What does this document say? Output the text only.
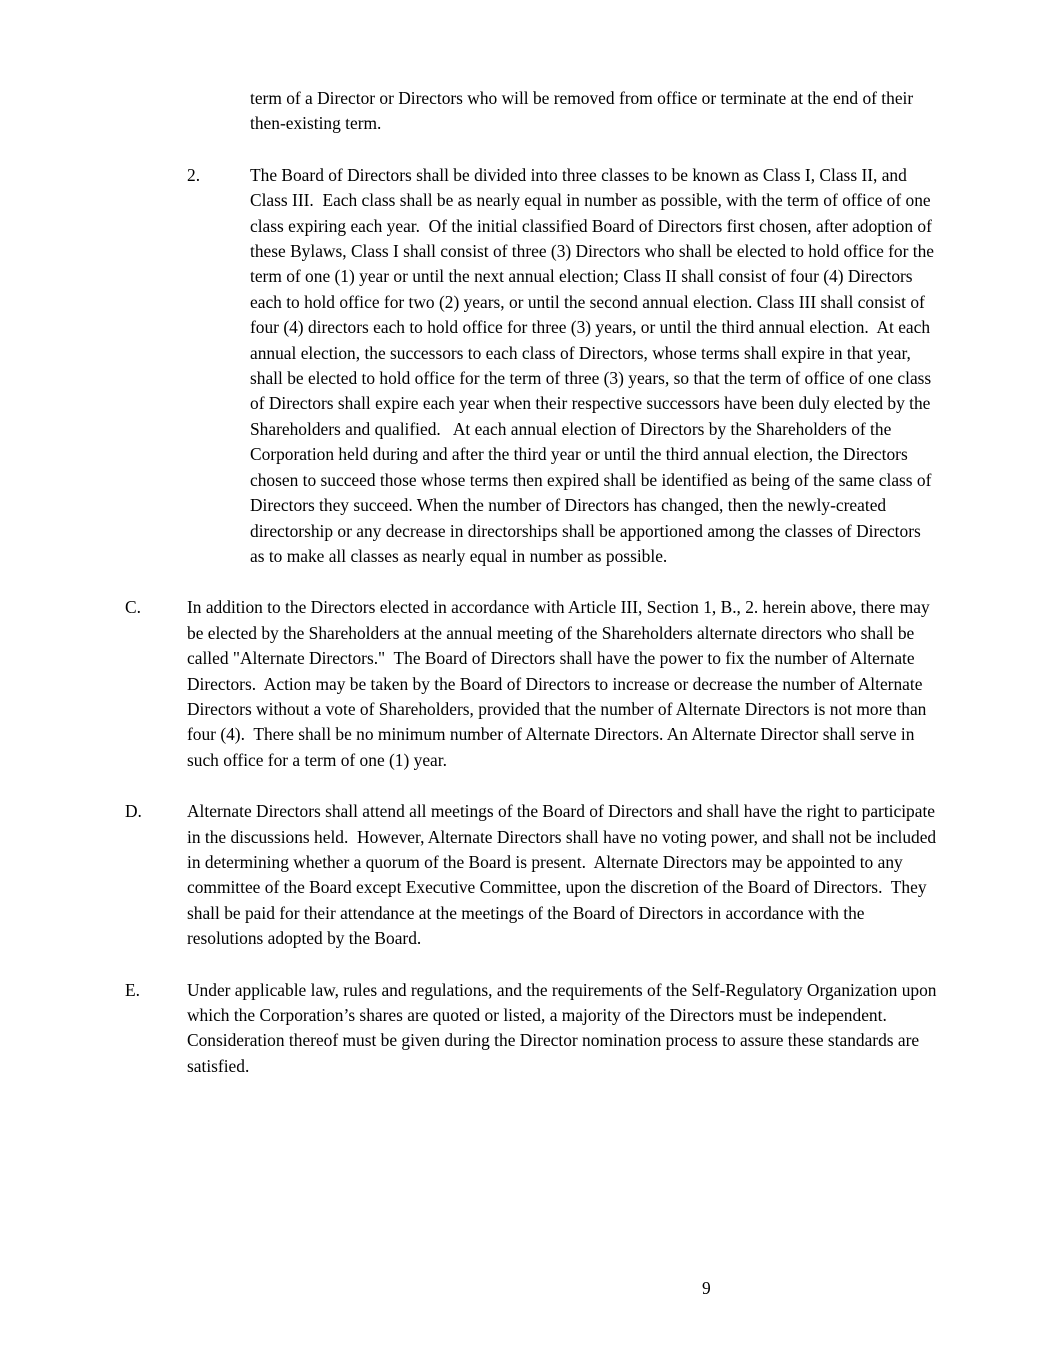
term of a Director or Directors who will be removed from office or terminate at the end of their then-existing term.
2.	The Board of Directors shall be divided into three classes to be known as Class I, Class II, and Class III.  Each class shall be as nearly equal in number as possible, with the term of office of one class expiring each year.  Of the initial classified Board of Directors first chosen, after adoption of these Bylaws, Class I shall consist of three (3) Directors who shall be elected to hold office for the term of one (1) year or until the next annual election; Class II shall consist of four (4) Directors each to hold office for two (2) years, or until the second annual election. Class III shall consist of four (4) directors each to hold office for three (3) years, or until the third annual election.  At each annual election, the successors to each class of Directors, whose terms shall expire in that year, shall be elected to hold office for the term of three (3) years, so that the term of office of one class of Directors shall expire each year when their respective successors have been duly elected by the Shareholders and qualified.   At each annual election of Directors by the Shareholders of the Corporation held during and after the third year or until the third annual election, the Directors chosen to succeed those whose terms then expired shall be identified as being of the same class of Directors they succeed. When the number of Directors has changed, then the newly-created directorship or any decrease in directorships shall be apportioned among the classes of Directors as to make all classes as nearly equal in number as possible.
C.	In addition to the Directors elected in accordance with Article III, Section 1, B., 2. herein above, there may be elected by the Shareholders at the annual meeting of the Shareholders alternate directors who shall be called "Alternate Directors."  The Board of Directors shall have the power to fix the number of Alternate Directors.  Action may be taken by the Board of Directors to increase or decrease the number of Alternate Directors without a vote of Shareholders, provided that the number of Alternate Directors is not more than four (4).  There shall be no minimum number of Alternate Directors. An Alternate Director shall serve in such office for a term of one (1) year.
D.	Alternate Directors shall attend all meetings of the Board of Directors and shall have the right to participate in the discussions held.  However, Alternate Directors shall have no voting power, and shall not be included in determining whether a quorum of the Board is present.  Alternate Directors may be appointed to any committee of the Board except Executive Committee, upon the discretion of the Board of Directors.  They shall be paid for their attendance at the meetings of the Board of Directors in accordance with the resolutions adopted by the Board.
E.	Under applicable law, rules and regulations, and the requirements of the Self-Regulatory Organization upon which the Corporation’s shares are quoted or listed, a majority of the Directors must be independent.  Consideration thereof must be given during the Director nomination process to assure these standards are satisfied.
9
